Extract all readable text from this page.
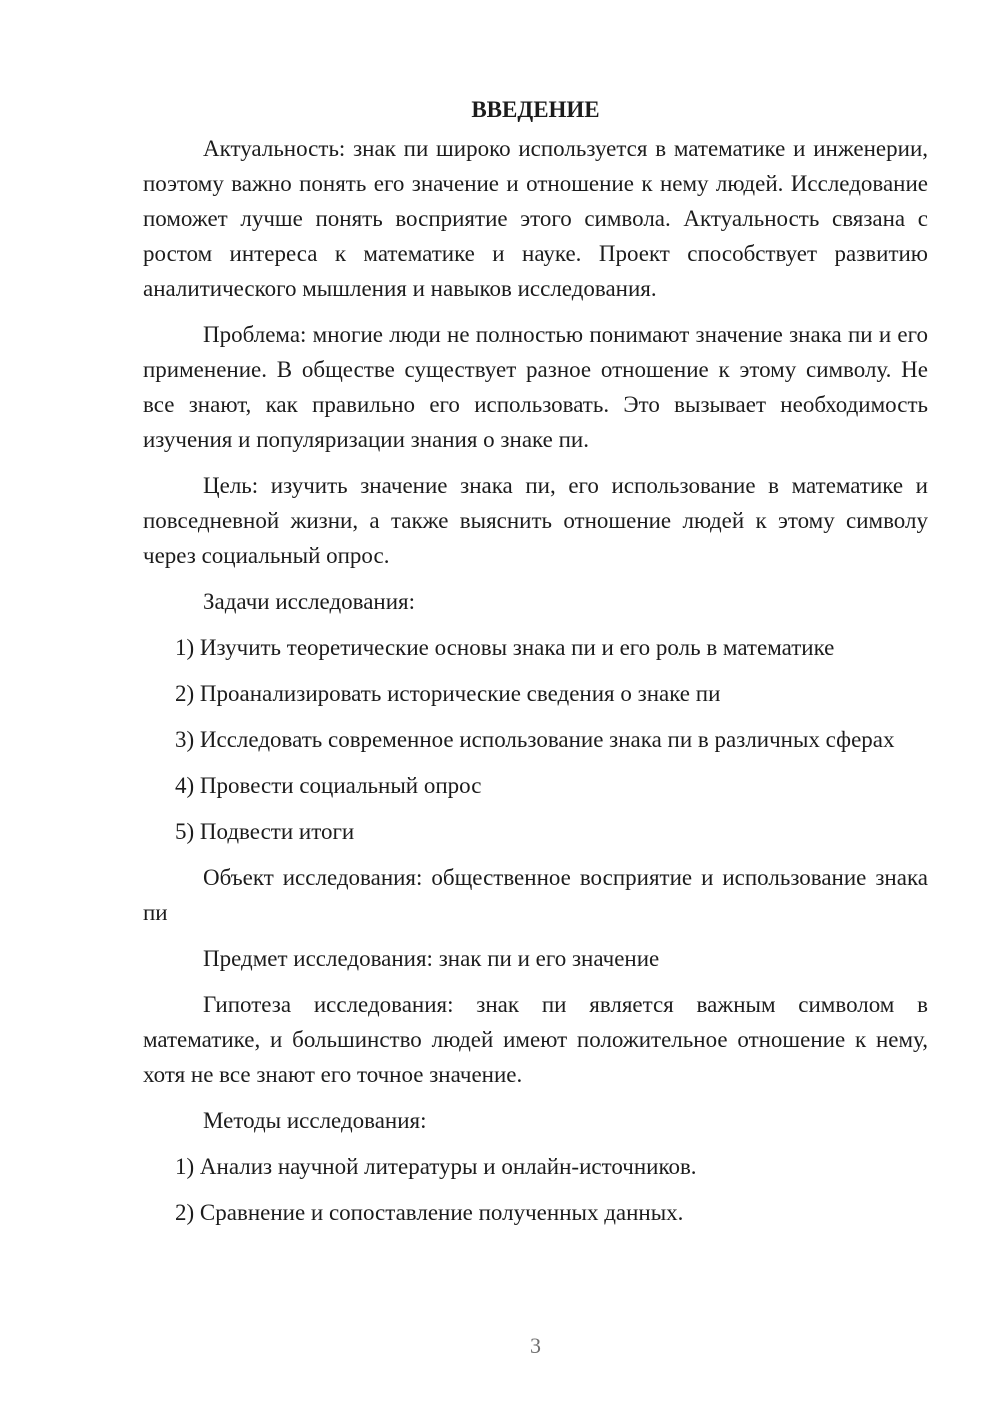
ВВЕДЕНИЕ

Актуальность: знак пи широко используется в математике и инженерии, поэтому важно понять его значение и отношение к нему людей. Исследование поможет лучше понять восприятие этого символа. Актуальность связана с ростом интереса к математике и науке. Проект способствует развитию аналитического мышления и навыков исследования.

Проблема: многие люди не полностью понимают значение знака пи и его применение. В обществе существует разное отношение к этому символу. Не все знают, как правильно его использовать. Это вызывает необходимость изучения и популяризации знания о знаке пи.

Цель: изучить значение знака пи, его использование в математике и повседневной жизни, а также выяснить отношение людей к этому символу через социальный опрос.

Задачи исследования:

1) Изучить теоретические основы знака пи и его роль в математике

2) Проанализировать исторические сведения о знаке пи

3) Исследовать современное использование знака пи в различных сферах

4) Провести социальный опрос

5) Подвести итоги

Объект исследования: общественное восприятие и использование знака пи

Предмет исследования: знак пи и его значение

Гипотеза исследования: знак пи является важным символом в математике, и большинство людей имеют положительное отношение к нему, хотя не все знают его точное значение.

Методы исследования:

1) Анализ научной литературы и онлайн-источников.

2) Сравнение и сопоставление полученных данных.

3
